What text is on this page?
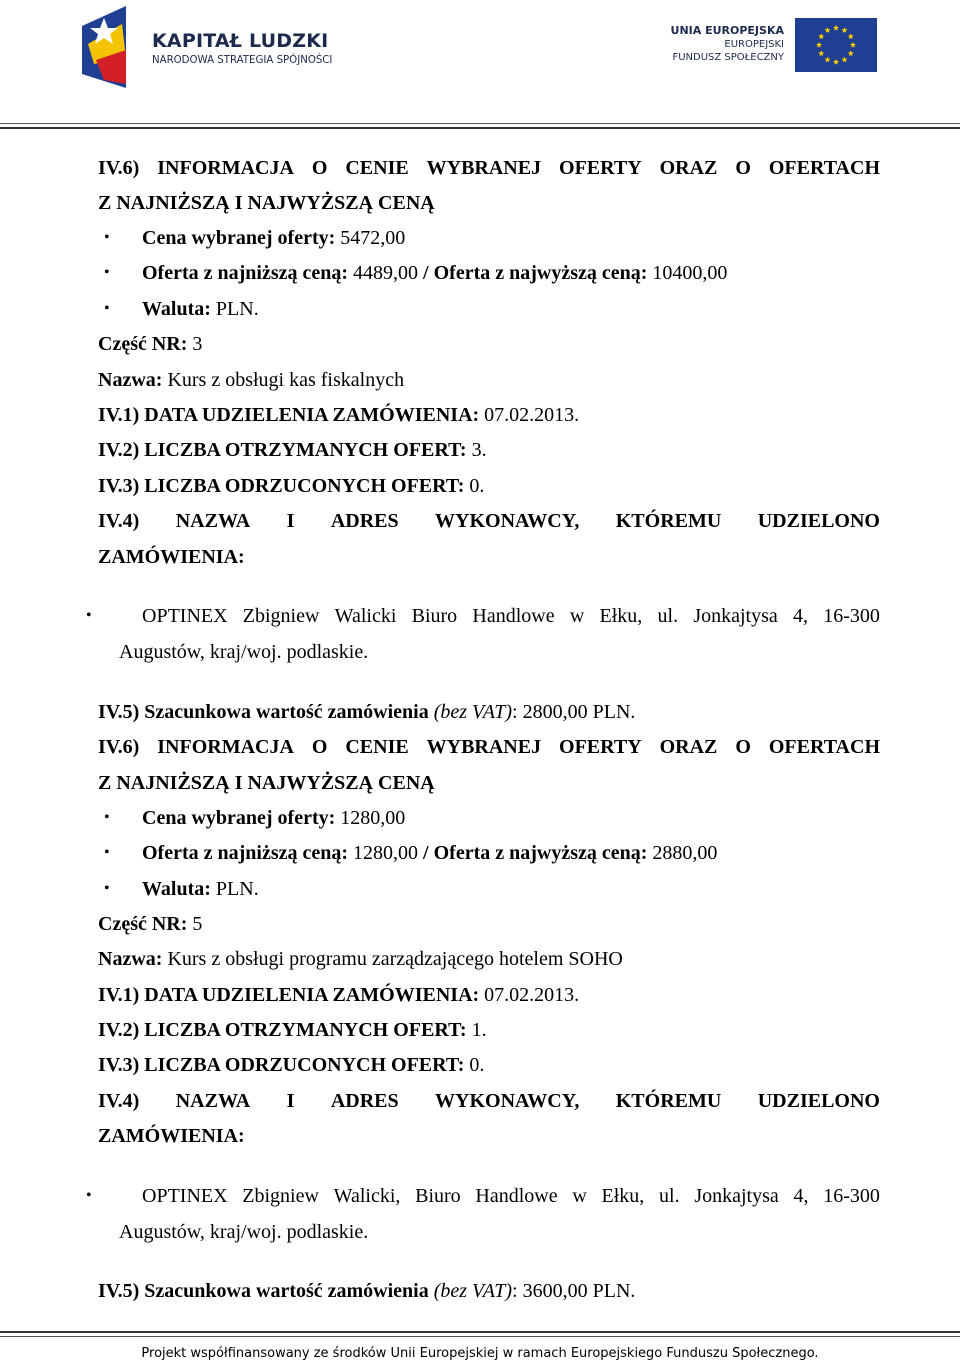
KAPITAŁ LUDZKI
NARODOWA STRATEGIA SPÓJNOŚCI
UNIA EUROPEJSKA
EUROPEJSKI
FUNDUSZ SPOŁECZNY
IV.6) INFORMACJA O CENIE WYBRANEJ OFERTY ORAZ O OFERTACH
Z NAJNIŻSZĄ I NAJWYŻSZĄ CENĄ
• Cena wybranej oferty: 5472,00
• Oferta z najniższą ceną: 4489,00 / Oferta z najwyższą ceną: 10400,00
• Waluta: PLN.
Część NR: 3
Nazwa: Kurs z obsługi kas fiskalnych
IV.1) DATA UDZIELENIA ZAMÓWIENIA: 07.02.2013.
IV.2) LICZBA OTRZYMANYCH OFERT: 3.
IV.3) LICZBA ODRZUCONYCH OFERT: 0.
IV.4) NAZWA I ADRES WYKONAWCY, KTÓREMU UDZIELONO
ZAMÓWIENIA:
•	OPTINEX Zbigniew Walicki Biuro Handlowe w Ełku, ul. Jonkajtysa 4, 16-300
Augustów, kraj/woj. podlaskie.
IV.5) Szacunkowa wartość zamówienia (bez VAT): 2800,00 PLN.
IV.6) INFORMACJA O CENIE WYBRANEJ OFERTY ORAZ O OFERTACH
Z NAJNIŻSZĄ I NAJWYŻSZĄ CENĄ
• Cena wybranej oferty: 1280,00
• Oferta z najniższą ceną: 1280,00 / Oferta z najwyższą ceną: 2880,00
• Waluta: PLN.
Część NR: 5
Nazwa: Kurs z obsługi programu zarządzającego hotelem SOHO
IV.1) DATA UDZIELENIA ZAMÓWIENIA: 07.02.2013.
IV.2) LICZBA OTRZYMANYCH OFERT: 1.
IV.3) LICZBA ODRZUCONYCH OFERT: 0.
IV.4) NAZWA I ADRES WYKONAWCY, KTÓREMU UDZIELONO
ZAMÓWIENIA:
•	OPTINEX Zbigniew Walicki, Biuro Handlowe w Ełku, ul. Jonkajtysa 4, 16-300
Augustów, kraj/woj. podlaskie.
IV.5) Szacunkowa wartość zamówienia (bez VAT): 3600,00 PLN.
Projekt współfinansowany ze środków Unii Europejskiej w ramach Europejskiego Funduszu Społecznego.
